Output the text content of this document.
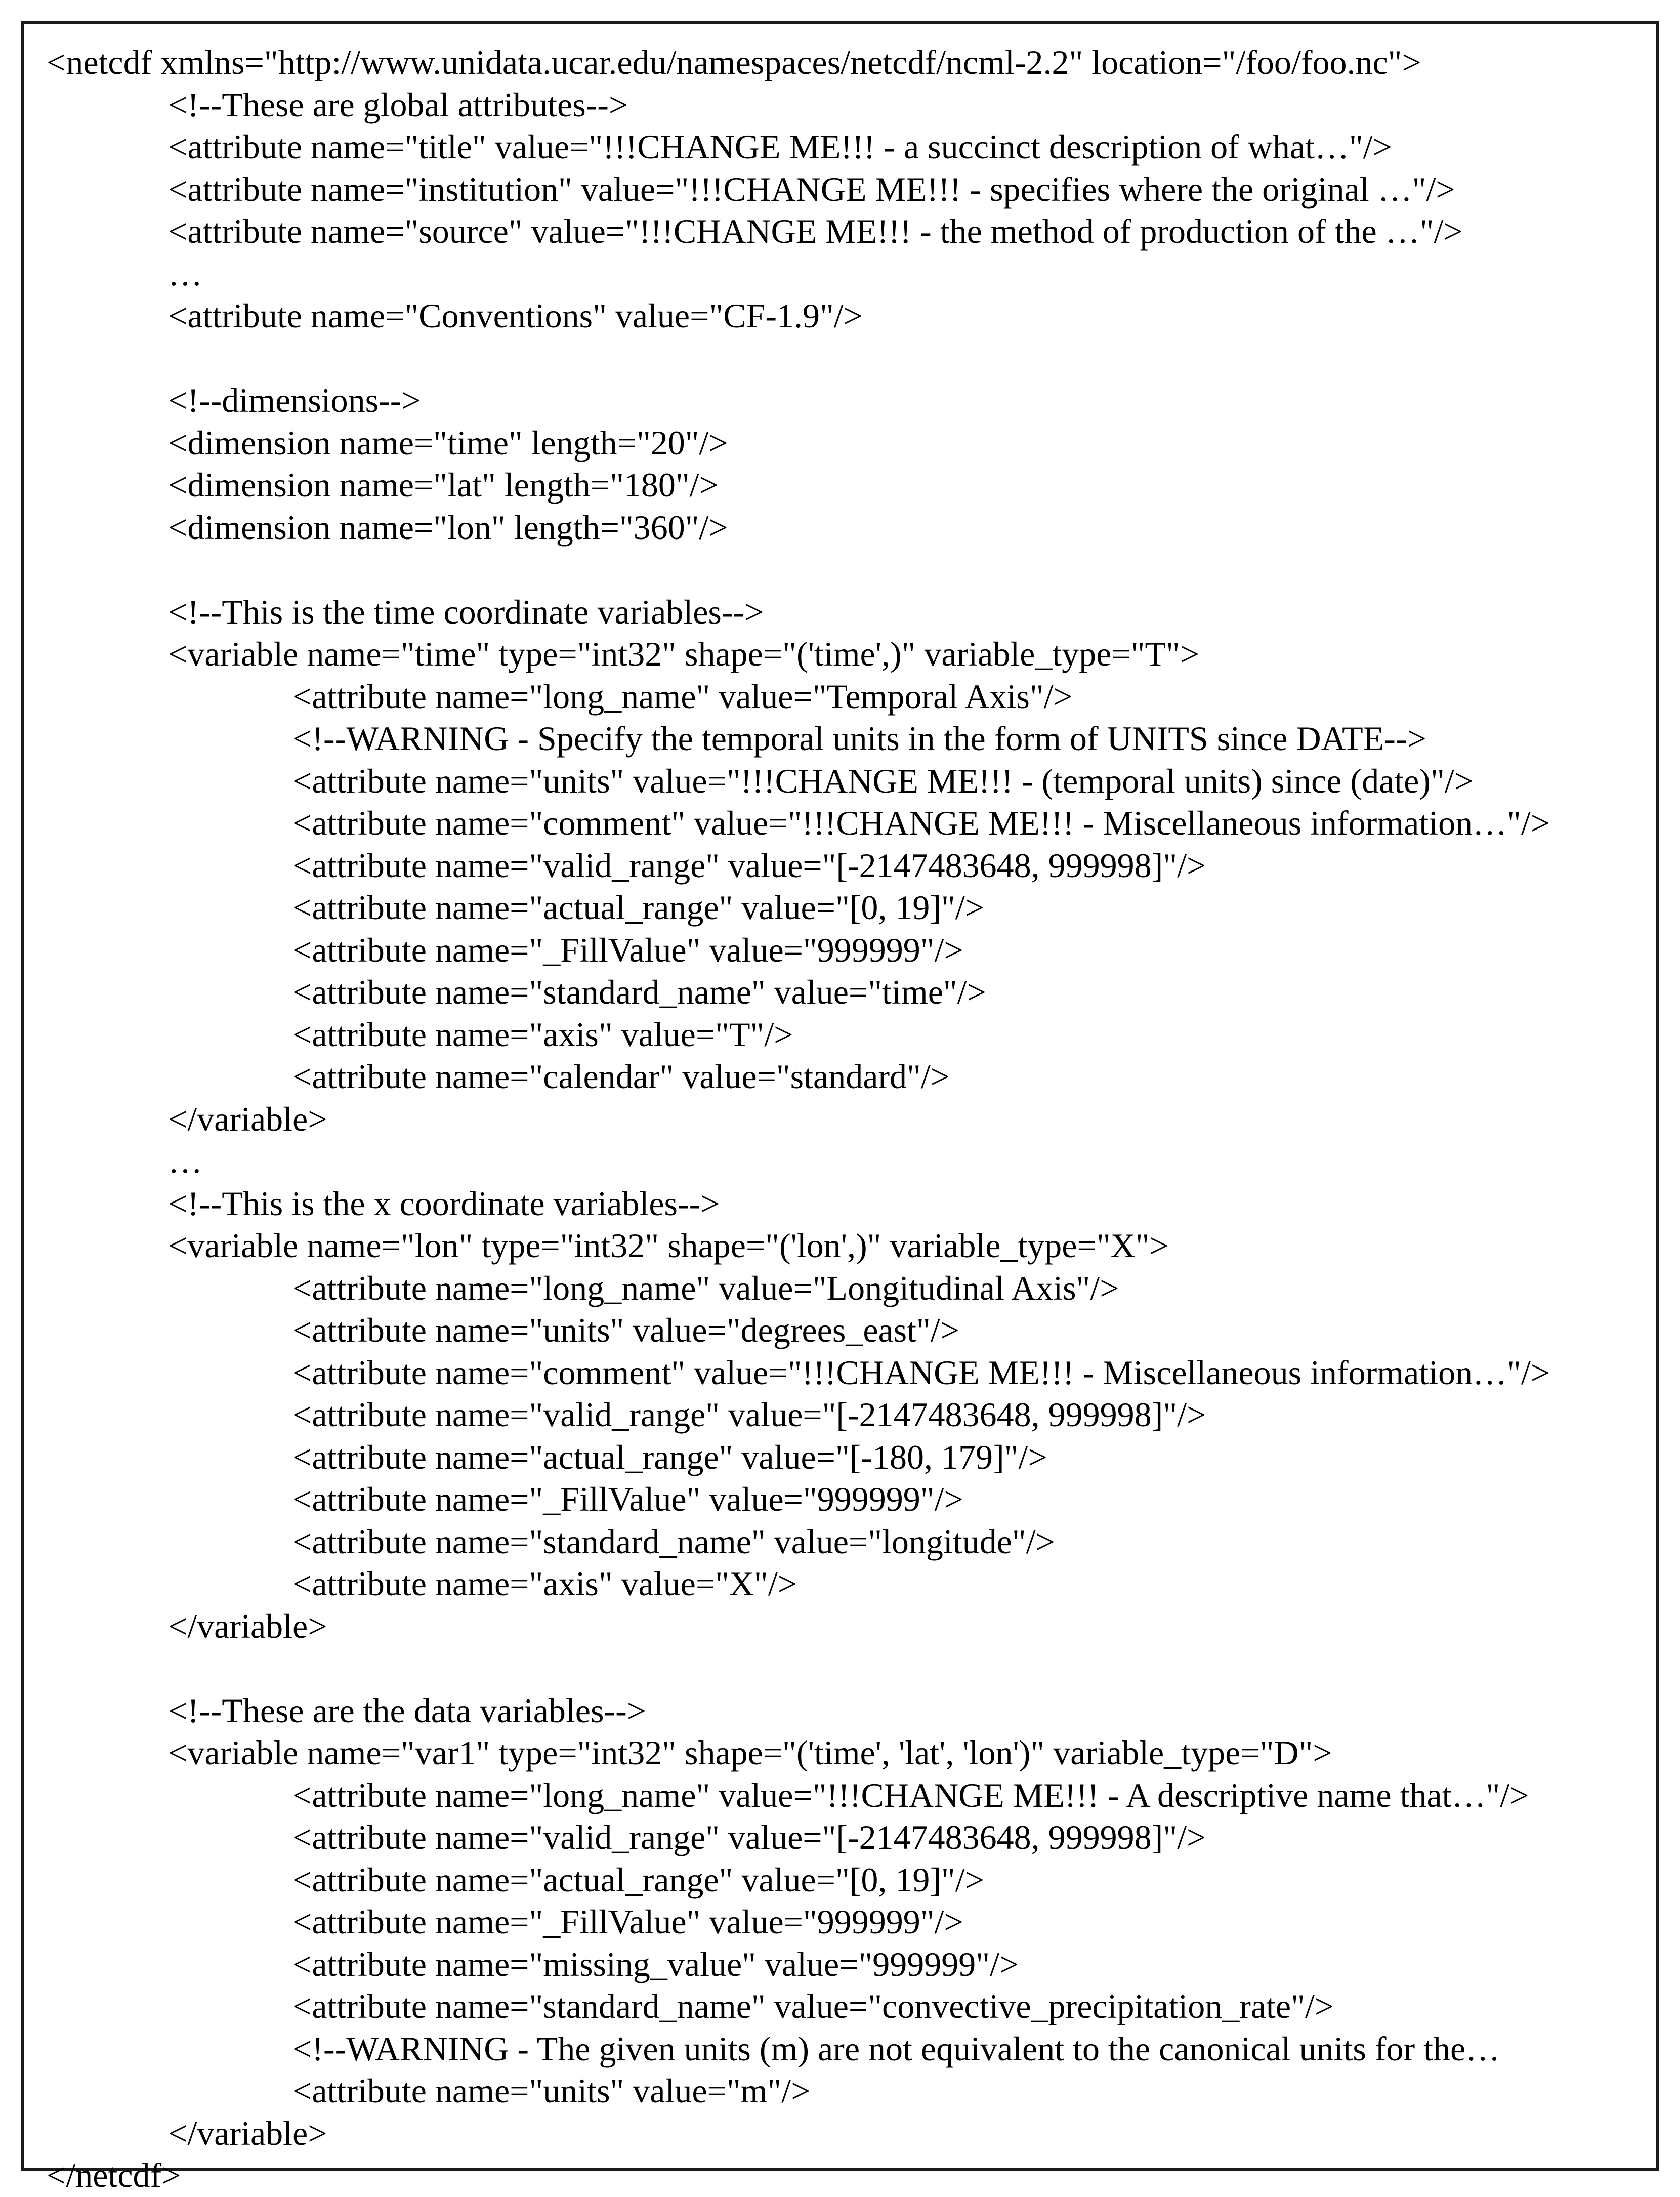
<netcdf xmlns="http://www.unidata.ucar.edu/namespaces/netcdf/ncml-2.2" location="/foo/foo.nc">
<!--These are global attributes-->
<attribute name="title" value="!!!CHANGE ME!!! - a succinct description of what…"/>
<attribute name="institution" value="!!!CHANGE ME!!! - specifies where the original …"/>
<attribute name="source" value="!!!CHANGE ME!!! - the method of production of the …"/>
…
<attribute name="Conventions" value="CF-1.9"/>
<!--dimensions-->
<dimension name="time" length="20"/>
<dimension name="lat" length="180"/>
<dimension name="lon" length="360"/>
<!--This is the time coordinate variables-->
<variable name="time" type="int32" shape="('time',)" variable_type="T">
<attribute name="long_name" value="Temporal Axis"/>
<!--WARNING - Specify the temporal units in the form of UNITS since DATE-->
<attribute name="units" value="!!!CHANGE ME!!! - (temporal units) since (date)"/>
<attribute name="comment" value="!!!CHANGE ME!!! - Miscellaneous information…"/>
<attribute name="valid_range" value="[-2147483648, 999998]"/>
<attribute name="actual_range" value="[0, 19]"/>
<attribute name="_FillValue" value="999999"/>
<attribute name="standard_name" value="time"/>
<attribute name="axis" value="T"/>
<attribute name="calendar" value="standard"/>
</variable>
…
<!--This is the x coordinate variables-->
<variable name="lon" type="int32" shape="('lon',)" variable_type="X">
<attribute name="long_name" value="Longitudinal Axis"/>
<attribute name="units" value="degrees_east"/>
<attribute name="comment" value="!!!CHANGE ME!!! - Miscellaneous information…"/>
<attribute name="valid_range" value="[-2147483648, 999998]"/>
<attribute name="actual_range" value="[-180, 179]"/>
<attribute name="_FillValue" value="999999"/>
<attribute name="standard_name" value="longitude"/>
<attribute name="axis" value="X"/>
</variable>
<!--These are the data variables-->
<variable name="var1" type="int32" shape="('time', 'lat', 'lon')" variable_type="D">
<attribute name="long_name" value="!!!CHANGE ME!!! - A descriptive name that…"/>
<attribute name="valid_range" value="[-2147483648, 999998]"/>
<attribute name="actual_range" value="[0, 19]"/>
<attribute name="_FillValue" value="999999"/>
<attribute name="missing_value" value="999999"/>
<attribute name="standard_name" value="convective_precipitation_rate"/>
<!--WARNING - The given units (m) are not equivalent to the canonical units for the…
<attribute name="units" value="m"/>
</variable>
</netcdf>
